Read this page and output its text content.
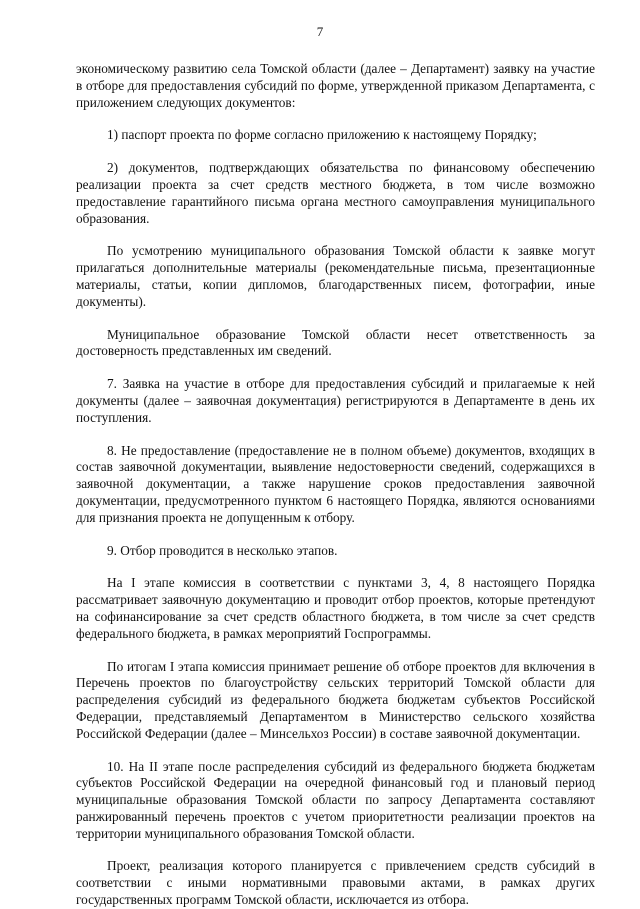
7

экономическому развитию села Томской области (далее – Департамент) заявку на участие в отборе для предоставления субсидий по форме, утвержденной приказом Департамента, с приложением следующих документов:

1) паспорт проекта по форме согласно приложению к настоящему Порядку;

2) документов, подтверждающих обязательства по финансовому обеспечению реализации проекта за счет средств местного бюджета, в том числе возможно предоставление гарантийного письма органа местного самоуправления муниципального образования.

По усмотрению муниципального образования Томской области к заявке могут прилагаться дополнительные материалы (рекомендательные письма, презентационные материалы, статьи, копии дипломов, благодарственных писем, фотографии, иные документы).

Муниципальное образование Томской области несет ответственность за достоверность представленных им сведений.

7. Заявка на участие в отборе для предоставления субсидий и прилагаемые к ней документы (далее – заявочная документация) регистрируются в Департаменте в день их поступления.

8. Не предоставление (предоставление не в полном объеме) документов, входящих в состав заявочной документации, выявление недостоверности сведений, содержащихся в заявочной документации, а также нарушение сроков предоставления заявочной документации, предусмотренного пунктом 6 настоящего Порядка, являются основаниями для признания проекта не допущенным к отбору.

9. Отбор проводится в несколько этапов.

На I этапе комиссия в соответствии с пунктами 3, 4, 8 настоящего Порядка рассматривает заявочную документацию и проводит отбор проектов, которые претендуют на софинансирование за счет средств областного бюджета, в том числе за счет средств федерального бюджета, в рамках мероприятий Госпрограммы.

По итогам I этапа комиссия принимает решение об отборе проектов для включения в Перечень проектов по благоустройству сельских территорий Томской области для распределения субсидий из федерального бюджета бюджетам субъектов Российской Федерации, представляемый Департаментом в Министерство сельского хозяйства Российской Федерации (далее – Минсельхоз России) в составе заявочной документации.

10. На II этапе после распределения субсидий из федерального бюджета бюджетам субъектов Российской Федерации на очередной финансовый год и плановый период муниципальные образования Томской области по запросу Департамента составляют ранжированный перечень проектов с учетом приоритетности реализации проектов на территории муниципального образования Томской области.

Проект, реализация которого планируется с привлечением средств субсидий в соответствии с иными нормативными правовыми актами, в рамках других государственных программ Томской области, исключается из отбора.
